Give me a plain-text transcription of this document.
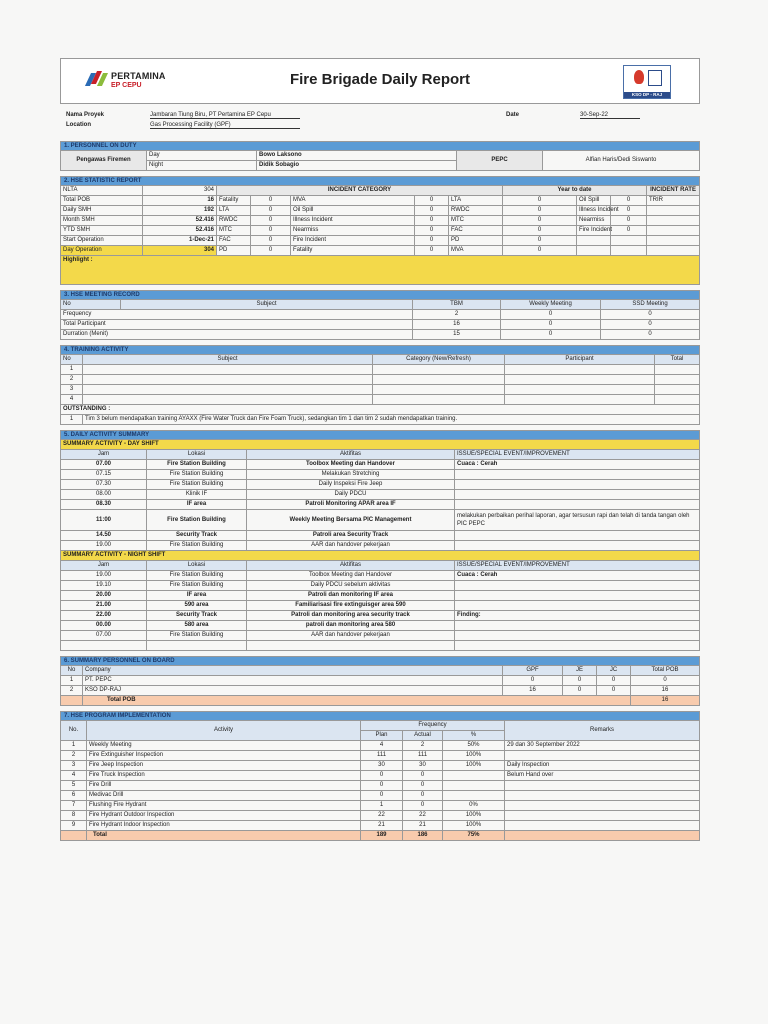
PERTAMINA
EP CEPU	Fire Brigade Daily Report
KSO DP - RAJ
Nama Proyek	Jambaran Tiung Biru, PT Pertamina EP Cepu
Location	Gas Processing Facility (GPF)
Date	30-Sep-22
1. PERSONNEL ON DUTY
Pengawas Firemen	Day	Bowo Laksono	PEPC	Alfian Haris/Dedi Siswanto
	Night	Didik Sobagio		
2. HSE STATISTIC REPORT
NLTA	304	INCIDENT CATEGORY					Year to date			INCIDENT RATE
Total POB	16	Fatality	0	MVA	0	LTA	0	Oil Spill	0	TRIR
Daily SMH	192	LTA	0	Oil Spill	0	RWDC	0	Illness Incident	0	
Month SMH	52.416	RWDC	0	Illness Incident	0	MTC	0	Nearmiss	0	
YTD SMH	52.416	MTC	0	Nearmiss	0	FAC	0	Fire Incident	0	
Start Operation	1-Dec-21	FAC	0	Fire Incident	0	PD	0			
Day Operation	304	PD	0	Fatality	0	MVA	0			
Highlight :										
3. HSE MEETING RECORD
No	Subject	TBM	Weekly Meeting	SSD Meeting
Frequency		2	0	0
Total Participant		16	0	0
Durration (Menit)		15	0	0
4. TRAINING ACTIVITY
No	Subject	Category (New/Refresh)	Participant	Total
1				
2				
3				
4				
OUTSTANDING :				
1	Tim 3 belum mendapatkan training AYAXX (Fire Water Truck dan Fire Foam Truck), sedangkan tim 1 dan tim 2 sudah mendapatkan training.			
5. DAILY ACTIVITY SUMMARY
SUMMARY ACTIVITY - DAY SHIFT			
Jam	Lokasi	Aktifitas	ISSUE/SPECIAL EVENT/IMPROVEMENT
07.00	Fire Station Building	Toolbox Meeting dan Handover	Cuaca : Cerah
07.15	Fire Station Building	Melakukan Stretching	
07.30	Fire Station Building	Daily Inspeksi Fire Jeep	
08.00	Klinik IF	Daily PDCU	
08.30	IF area	Patroli Monitoring APAR area IF	
11:00	Fire Station Building	Weekly Meeting Bersama PIC Management	melakukan perbaikan perihal laporan, agar tersusun rapi dan telah di tanda tangan oleh PIC PEPC
14.50	Security Track	Patroli area Security Track	
19.00	Fire Station Building	AAR dan handover pekerjaan	
SUMMARY ACTIVITY - NIGHT SHIFT			
Jam	Lokasi	Aktifitas	ISSUE/SPECIAL EVENT/IMPROVEMENT
19.00	Fire Station Building	Toolbox Meeting dan Handover	Cuaca : Cerah
19.10	Fire Station Building	Daily PDCU sebelum aktivitas	
20.00	IF area	Patroli dan monitoring IF area	
21.00	590 area	Familiarisasi fire extinguisger area 590	
22.00	Security Track	Patroli dan monitoring area security track	Finding:
00.00	580 area	patroli dan monitoring area 580	
07.00	Fire Station Building	AAR dan handover pekerjaan	

6. SUMMARY PERSONNEL ON BOARD
No	Company	GPF	JE	JC	Total POB
1	PT. PEPC	0	0	0	0
2	KSO DP-RAJ	16	0	0	16
	Total POB				16
7. HSE PROGRAM IMPLEMENTATION
No.	Activity	Frequency			Remarks
		Plan	Actual	%	
1	Weekly Meeting	4	2	50%	29 dan 30 September 2022
2	Fire Extinguisher Inspection	111	111	100%	
3	Fire Jeep Inspection	30	30	100%	Daily Inspection
4	Fire Truck Inspection	0	0		Belum Hand over
5	Fire Drill	0	0		
6	Medivac Drill	0	0		
7	Flushing Fire Hydrant	1	0	0%	
8	Fire Hydrant Outdoor Inspection	22	22	100%	
9	Fire Hydrant Indoor Inspection	21	21	100%	
	Total	189	186	75%	
